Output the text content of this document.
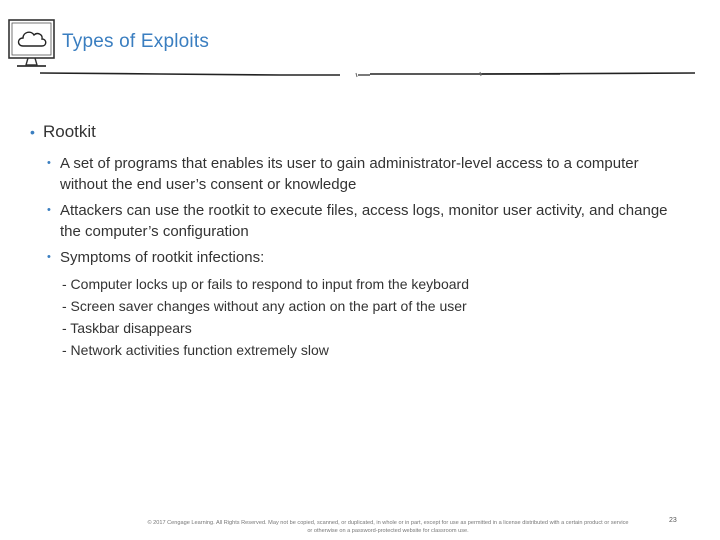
Types of Exploits
• Rootkit
• A set of programs that enables its user to gain administrator-level access to a computer without the end user’s consent or knowledge
• Attackers can use the rootkit to execute files, access logs, monitor user activity, and change the computer’s configuration
• Symptoms of rootkit infections:
- Computer locks up or fails to respond to input from the keyboard
- Screen saver changes without any action on the part of the user
- Taskbar disappears
- Network activities function extremely slow
© 2017 Cengage Learning. All Rights Reserved. May not be copied, scanned, or duplicated, in whole or in part, except for use as permitted in a license distributed with a certain product or service
or otherwise on a password-protected website for classroom use.
23
